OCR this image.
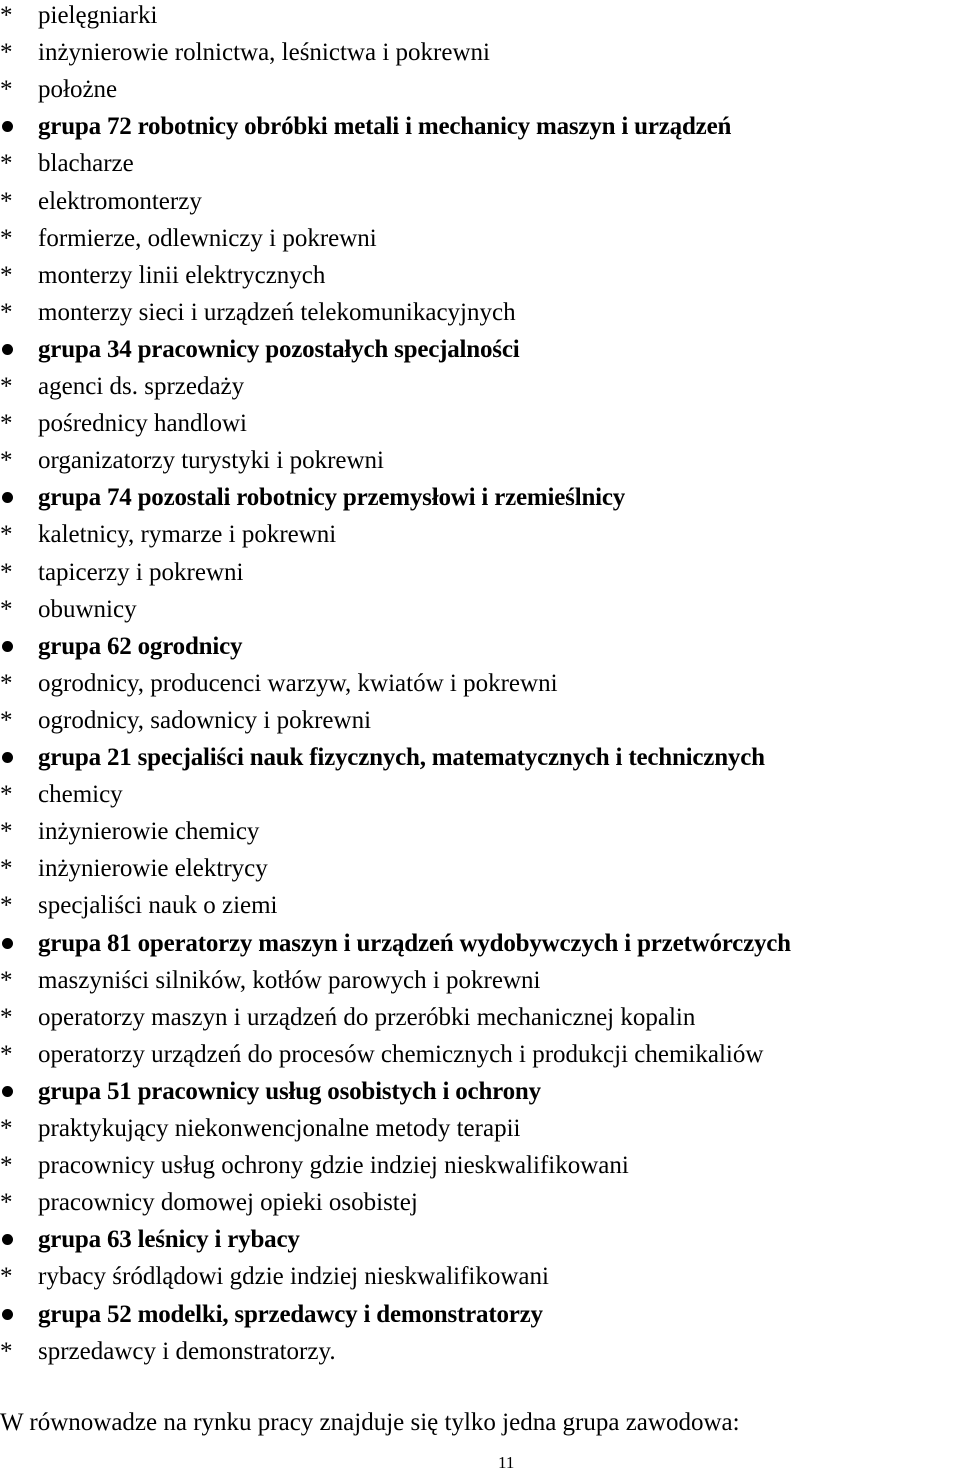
* pielęgniarki
* inżynierowie rolnictwa, leśnictwa i pokrewni
* położne
grupa 72 robotnicy obróbki metali i mechanicy maszyn i urządzeń
* blacharze
* elektromonterzy
* formierze, odlewniczy i pokrewni
* monterzy linii elektrycznych
* monterzy sieci i urządzeń telekomunikacyjnych
grupa 34 pracownicy pozostałych specjalności
* agenci ds. sprzedaży
* pośrednicy handlowi
* organizatorzy turystyki i pokrewni
grupa 74 pozostali robotnicy przemysłowi i rzemieślnicy
* kaletnicy, rymarze i pokrewni
* tapicerzy i pokrewni
* obuwnicy
grupa 62 ogrodnicy
* ogrodnicy, producenci warzyw, kwiatów i pokrewni
* ogrodnicy, sadownicy i pokrewni
grupa 21 specjaliści nauk fizycznych, matematycznych i technicznych
* chemicy
* inżynierowie chemicy
* inżynierowie elektrycy
* specjaliści nauk o ziemi
grupa 81 operatorzy maszyn i urządzeń wydobywczych i przetwórczych
* maszyniści silników, kotłów parowych i pokrewni
* operatorzy maszyn i urządzeń do przeróbki mechanicznej kopalin
* operatorzy urządzeń do procesów chemicznych i produkcji chemikaliów
grupa 51 pracownicy usług osobistych i ochrony
* praktykujący niekonwencjonalne metody terapii
* pracownicy usług ochrony gdzie indziej nieskwalifikowani
* pracownicy domowej opieki osobistej
grupa 63 leśnicy i rybacy
* rybacy śródlądowi gdzie indziej nieskwalifikowani
grupa 52 modelki, sprzedawcy i demonstratorzy
* sprzedawcy i demonstratorzy.
W równowadze na rynku pracy znajduje się tylko jedna grupa zawodowa:
11
